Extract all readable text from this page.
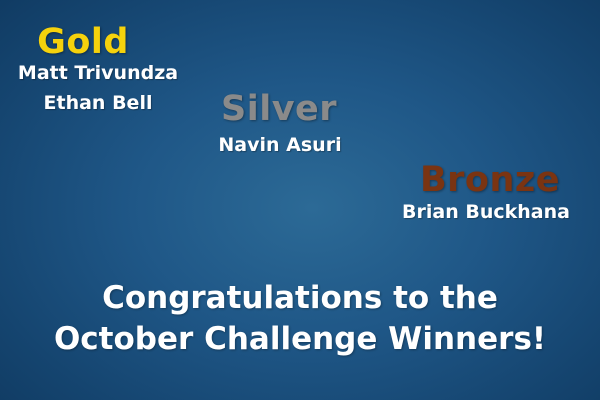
Gold
Matt Trivundza
Ethan Bell Silver
Navin Asuri
Bronze
Brian Buckhana
Congratulations to the
October Challenge Winners!
